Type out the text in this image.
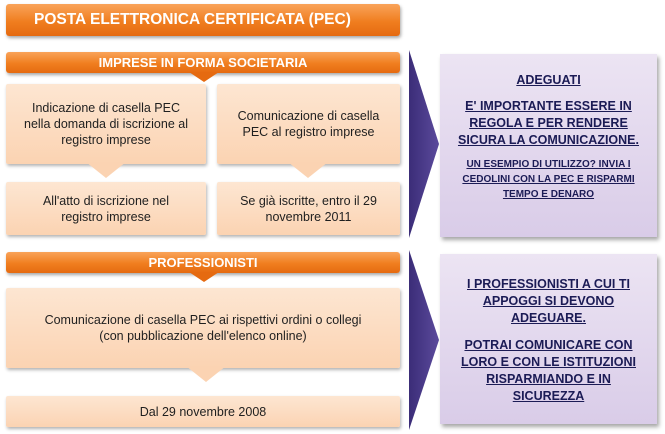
POSTA ELETTRONICA CERTIFICATA (PEC)
IMPRESE IN FORMA SOCIETARIA
Indicazione di casella PEC nella domanda di iscrizione al registro imprese
Comunicazione di casella PEC al registro imprese
All'atto di iscrizione nel registro imprese
Se già iscritte, entro il 29 novembre 2011
PROFESSIONISTI
Comunicazione di casella PEC ai rispettivi ordini o collegi (con pubblicazione dell'elenco online)
Dal 29 novembre 2008
ADEGUATI
E' IMPORTANTE ESSERE IN REGOLA E PER RENDERE SICURA LA COMUNICAZIONE.
UN ESEMPIO DI UTILIZZO? INVIA I CEDOLINI CON LA PEC E RISPARMI TEMPO E DENARO
I PROFESSIONISTI A CUI TI APPOGGI SI DEVONO ADEGUARE.
POTRAI COMUNICARE CON LORO E CON LE ISTITUZIONI RISPARMIANDO E IN SICUREZZA
